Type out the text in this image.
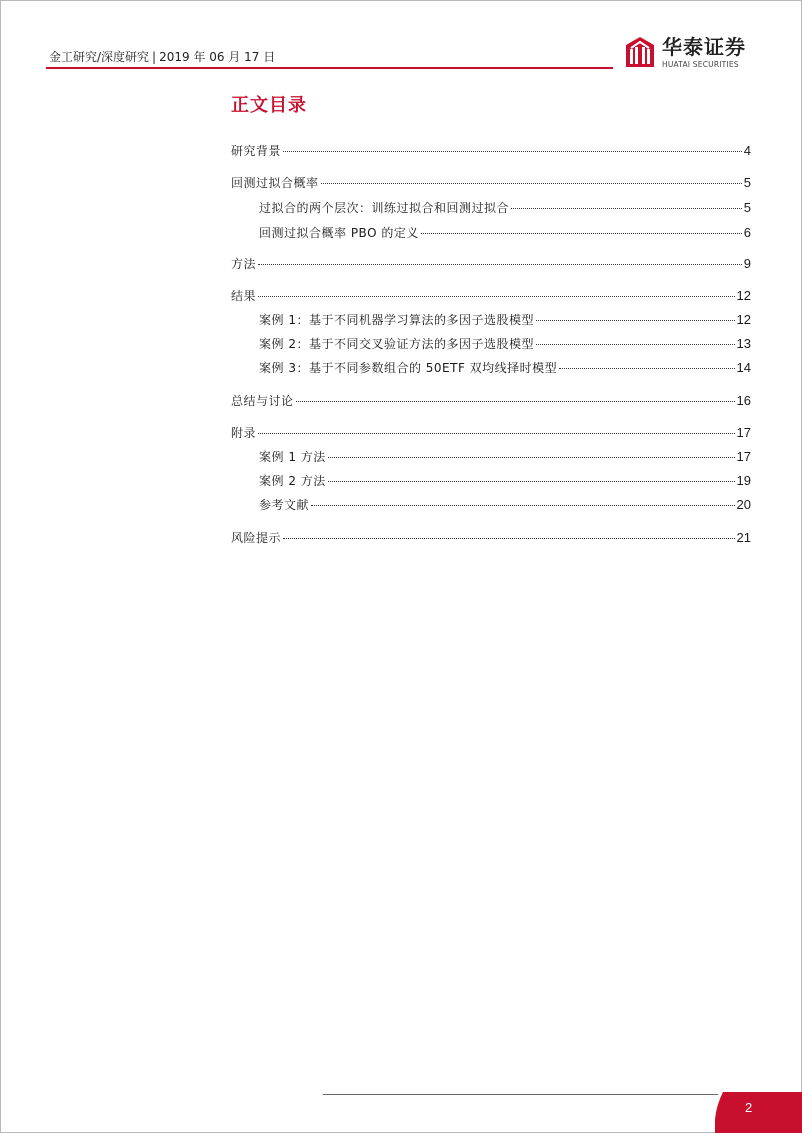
金工研究/深度研究 | 2019 年 06 月 17 日	华泰证券
HUATAI SECURITIES
正文目录
研究背景	4
回测过拟合概率	5
过拟合的两个层次：训练过拟合和回测过拟合	5
回测过拟合概率 PBO 的定义	6
方法	9
结果	12
案例 1：基于不同机器学习算法的多因子选股模型	12
案例 2：基于不同交叉验证方法的多因子选股模型	13
案例 3：基于不同参数组合的 50ETF 双均线择时模型	14
总结与讨论	16
附录	17
案例 1 方法	17
案例 2 方法	19
参考文献	20
风险提示	21
2
